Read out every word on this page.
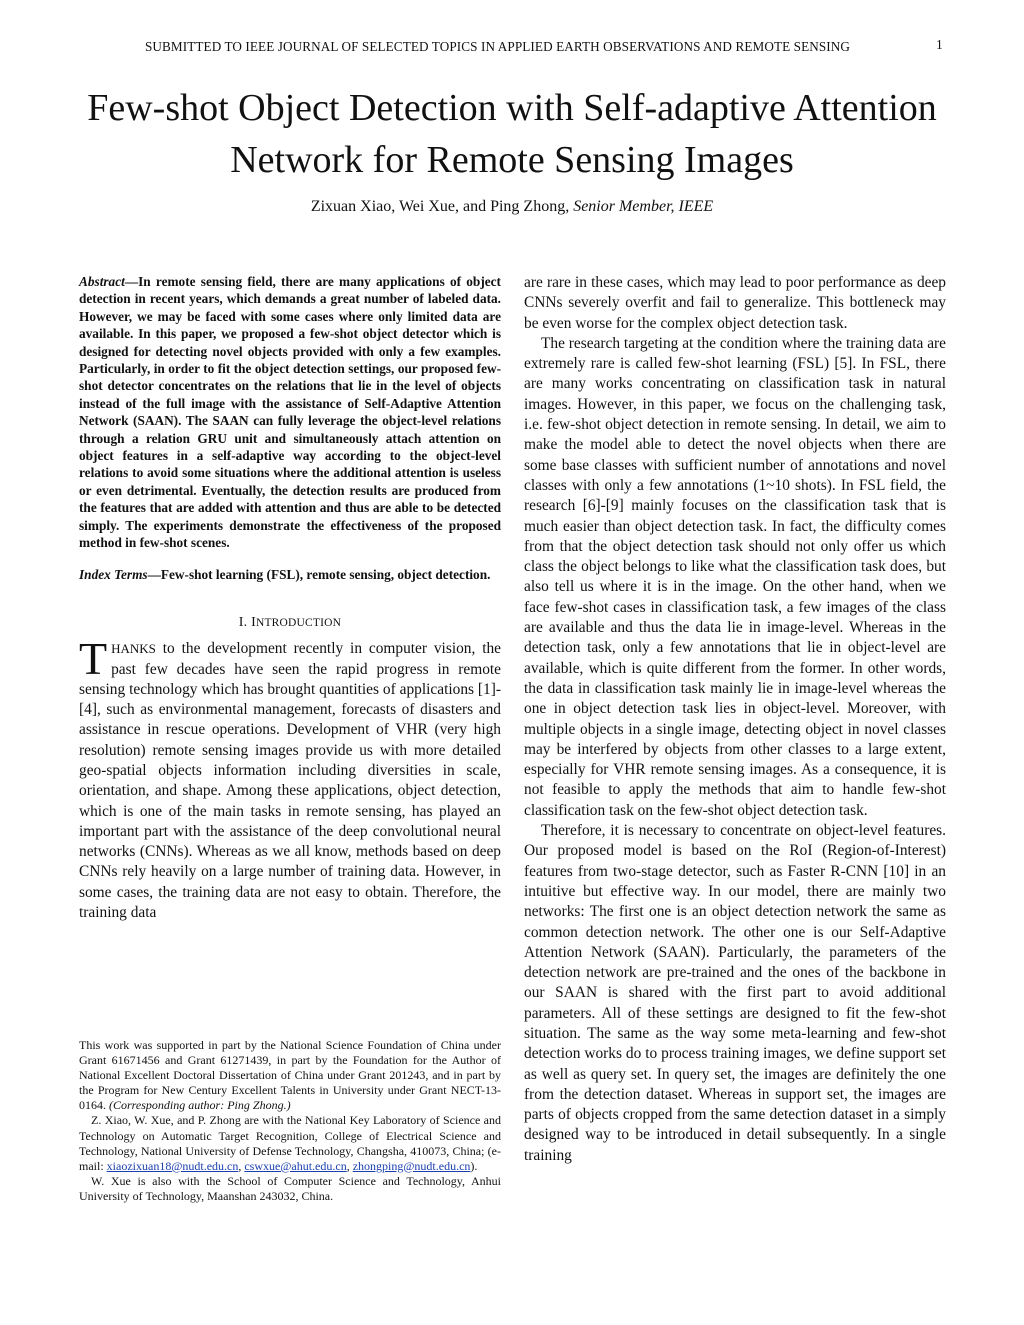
SUBMITTED TO IEEE JOURNAL OF SELECTED TOPICS IN APPLIED EARTH OBSERVATIONS AND REMOTE SENSING	1
Few-shot Object Detection with Self-adaptive Attention Network for Remote Sensing Images
Zixuan Xiao, Wei Xue, and Ping Zhong, Senior Member, IEEE

Abstract—In remote sensing field, there are many applications of object detection in recent years, which demands a great number of labeled data. However, we may be faced with some cases where only limited data are available. In this paper, we proposed a few-shot object detector which is designed for detecting novel objects provided with only a few examples. Particularly, in order to fit the object detection settings, our proposed few-shot detector concentrates on the relations that lie in the level of objects instead of the full image with the assistance of Self-Adaptive Attention Network (SAAN). The SAAN can fully leverage the object-level relations through a relation GRU unit and simultaneously attach attention on object features in a self-adaptive way according to the object-level relations to avoid some situations where the additional attention is useless or even detrimental. Eventually, the detection results are produced from the features that are added with attention and thus are able to be detected simply. The experiments demonstrate the effectiveness of the proposed method in few-shot scenes.

Index Terms—Few-shot learning (FSL), remote sensing, object detection.

I. INTRODUCTION

THANKS to the development recently in computer vision, the past few decades have seen the rapid progress in remote sensing technology which has brought quantities of applications [1]-[4], such as environmental management, forecasts of disasters and assistance in rescue operations. Development of VHR (very high resolution) remote sensing images provide us with more detailed geo-spatial objects information including diversities in scale, orientation, and shape. Among these applications, object detection, which is one of the main tasks in remote sensing, has played an important part with the assistance of the deep convolutional neural networks (CNNs). Whereas as we all know, methods based on deep CNNs rely heavily on a large number of training data. However, in some cases, the training data are not easy to obtain. Therefore, the training data

are rare in these cases, which may lead to poor performance as deep CNNs severely overfit and fail to generalize. This bottleneck may be even worse for the complex object detection task.

The research targeting at the condition where the training data are extremely rare is called few-shot learning (FSL) [5]. In FSL, there are many works concentrating on classification task in natural images. However, in this paper, we focus on the challenging task, i.e. few-shot object detection in remote sensing. In detail, we aim to make the model able to detect the novel objects when there are some base classes with sufficient number of annotations and novel classes with only a few annotations (1~10 shots). In FSL field, the research [6]-[9] mainly focuses on the classification task that is much easier than object detection task. In fact, the difficulty comes from that the object detection task should not only offer us which class the object belongs to like what the classification task does, but also tell us where it is in the image. On the other hand, when we face few-shot cases in classification task, a few images of the class are available and thus the data lie in image-level. Whereas in the detection task, only a few annotations that lie in object-level are available, which is quite different from the former. In other words, the data in classification task mainly lie in image-level whereas the one in object detection task lies in object-level. Moreover, with multiple objects in a single image, detecting object in novel classes may be interfered by objects from other classes to a large extent, especially for VHR remote sensing images. As a consequence, it is not feasible to apply the methods that aim to handle few-shot classification task on the few-shot object detection task.

Therefore, it is necessary to concentrate on object-level features. Our proposed model is based on the RoI (Region-of-Interest) features from two-stage detector, such as Faster R-CNN [10] in an intuitive but effective way. In our model, there are mainly two networks: The first one is an object detection network the same as common detection network. The other one is our Self-Adaptive Attention Network (SAAN). Particularly, the parameters of the detection network are pre-trained and the ones of the backbone in our SAAN is shared with the first part to avoid additional parameters. All of these settings are designed to fit the few-shot situation. The same as the way some meta-learning and few-shot detection works do to process training images, we define support set as well as query set. In query set, the images are definitely the one from the detection dataset. Whereas in support set, the images are parts of objects cropped from the same detection dataset in a simply designed way to be introduced in detail subsequently. In a single training

This work was supported in part by the National Science Foundation of China under Grant 61671456 and Grant 61271439, in part by the Foundation for the Author of National Excellent Doctoral Dissertation of China under Grant 201243, and in part by the Program for New Century Excellent Talents in University under Grant NECT-13-0164. (Corresponding author: Ping Zhong.)

Z. Xiao, W. Xue, and P. Zhong are with the National Key Laboratory of Science and Technology on Automatic Target Recognition, College of Electrical Science and Technology, National University of Defense Technology, Changsha, 410073, China; (e-mail: xiaozixuan18@nudt.edu.cn, cswxue@ahut.edu.cn, zhongping@nudt.edu.cn).

W. Xue is also with the School of Computer Science and Technology, Anhui University of Technology, Maanshan 243032, China.
